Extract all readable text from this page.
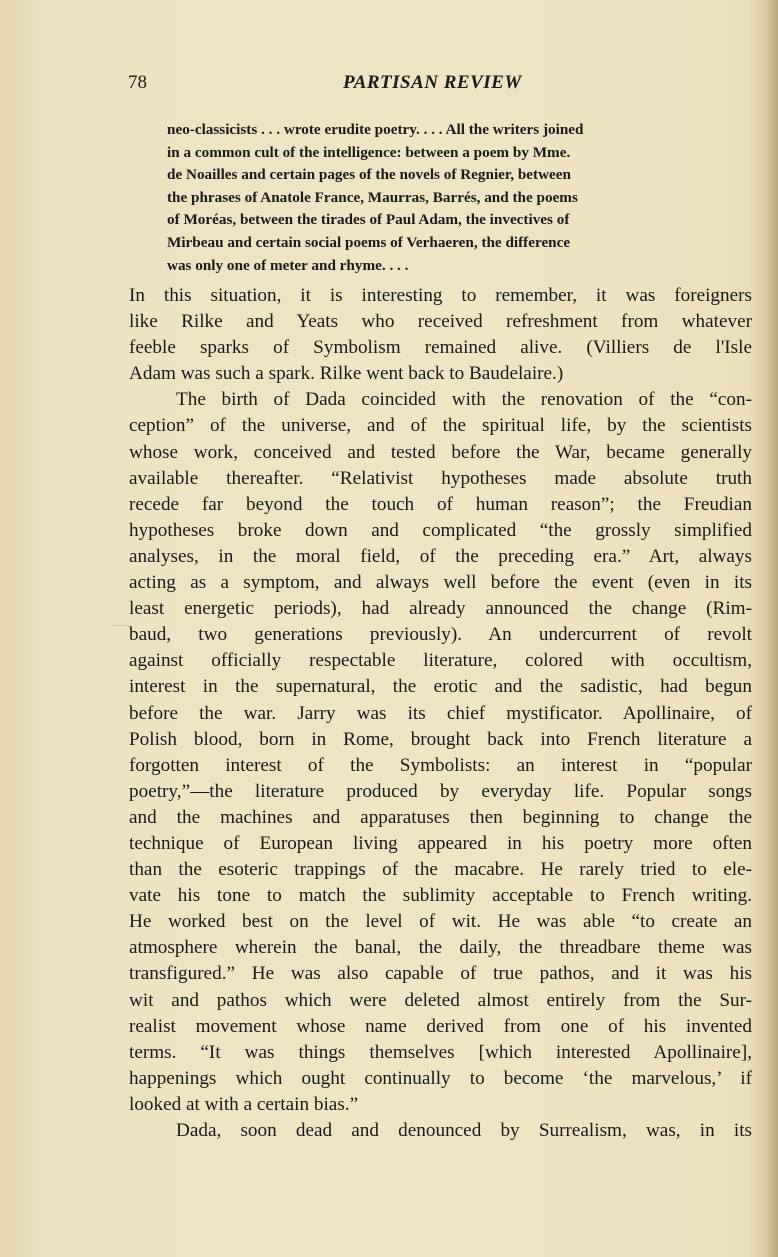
78	PARTISAN REVIEW
neo-classicists . . . wrote erudite poetry. . . . All the writers joined
in a common cult of the intelligence: between a poem by Mme.
de Noailles and certain pages of the novels of Regnier, between
the phrases of Anatole France, Maurras, Barrés, and the poems
of Moréas, between the tirades of Paul Adam, the invectives of
Mirbeau and certain social poems of Verhaeren, the difference
was only one of meter and rhyme. . . .
In this situation, it is interesting to remember, it was foreigners
like Rilke and Yeats who received refreshment from whatever
feeble sparks of Symbolism remained alive. (Villiers de l'Isle
Adam was such a spark. Rilke went back to Baudelaire.)
The birth of Dada coincided with the renovation of the “con-
ception” of the universe, and of the spiritual life, by the scientists
whose work, conceived and tested before the War, became generally
available thereafter. “Relativist hypotheses made absolute truth
recede far beyond the touch of human reason”; the Freudian
hypotheses broke down and complicated “the grossly simplified
analyses, in the moral field, of the preceding era.” Art, always
acting as a symptom, and always well before the event (even in its
least energetic periods), had already announced the change (Rim-
baud, two generations previously). An undercurrent of revolt
against officially respectable literature, colored with occultism,
interest in the supernatural, the erotic and the sadistic, had begun
before the war. Jarry was its chief mystificator. Apollinaire, of
Polish blood, born in Rome, brought back into French literature a
forgotten interest of the Symbolists: an interest in “popular
poetry,”—the literature produced by everyday life. Popular songs
and the machines and apparatuses then beginning to change the
technique of European living appeared in his poetry more often
than the esoteric trappings of the macabre. He rarely tried to ele-
vate his tone to match the sublimity acceptable to French writing.
He worked best on the level of wit. He was able “to create an
atmosphere wherein the banal, the daily, the threadbare theme was
transfigured.” He was also capable of true pathos, and it was his
wit and pathos which were deleted almost entirely from the Sur-
realist movement whose name derived from one of his invented
terms. “It was things themselves [which interested Apollinaire],
happenings which ought continually to become ‘the marvelous,’ if
looked at with a certain bias.”
Dada, soon dead and denounced by Surrealism, was, in its
⸺
